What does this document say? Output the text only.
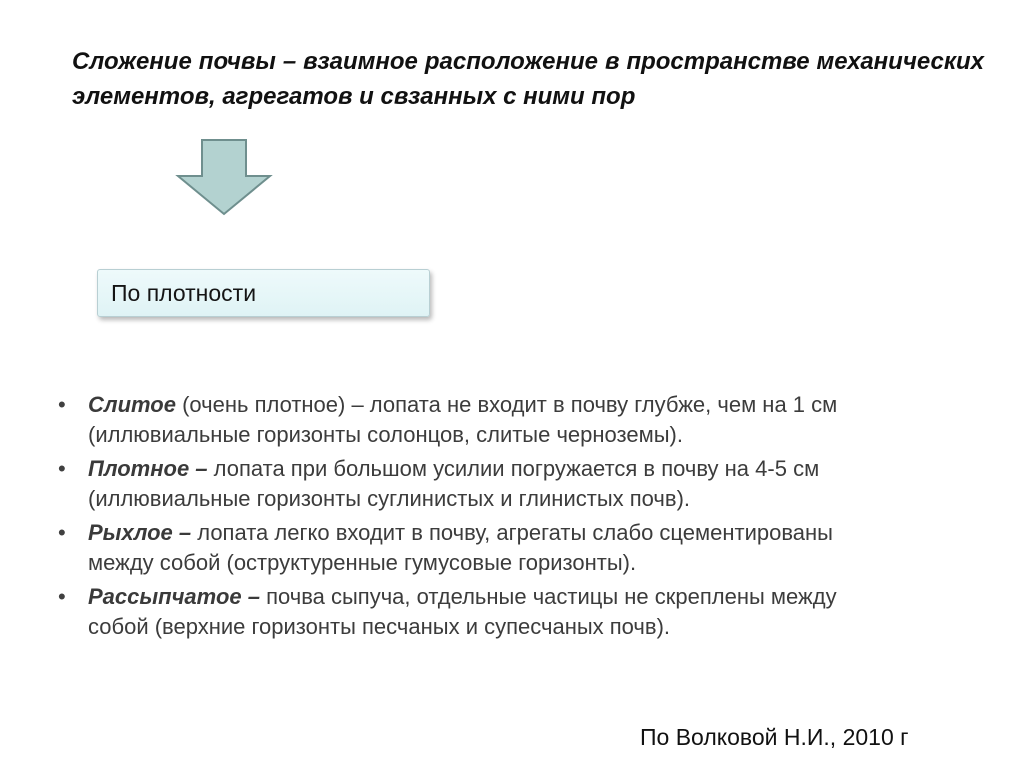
Сложение почвы – взаимное расположение в пространстве механических элементов, агрегатов и свзанных с ними пор
По плотности
• Слитое (очень плотное) – лопата не входит в почву глубже, чем на 1 см (иллювиальные горизонты солонцов, слитые черноземы).
• Плотное – лопата при большом усилии погружается в почву на 4-5 см (иллювиальные горизонты суглинистых и глинистых почв).
• Рыхлое – лопата легко входит в почву, агрегаты слабо сцементированы между собой (оструктуренные гумусовые горизонты).
• Рассыпчатое – почва сыпуча, отдельные частицы не скреплены между собой (верхние горизонты песчаных и супесчаных почв).
По Волковой Н.И., 2010 г
